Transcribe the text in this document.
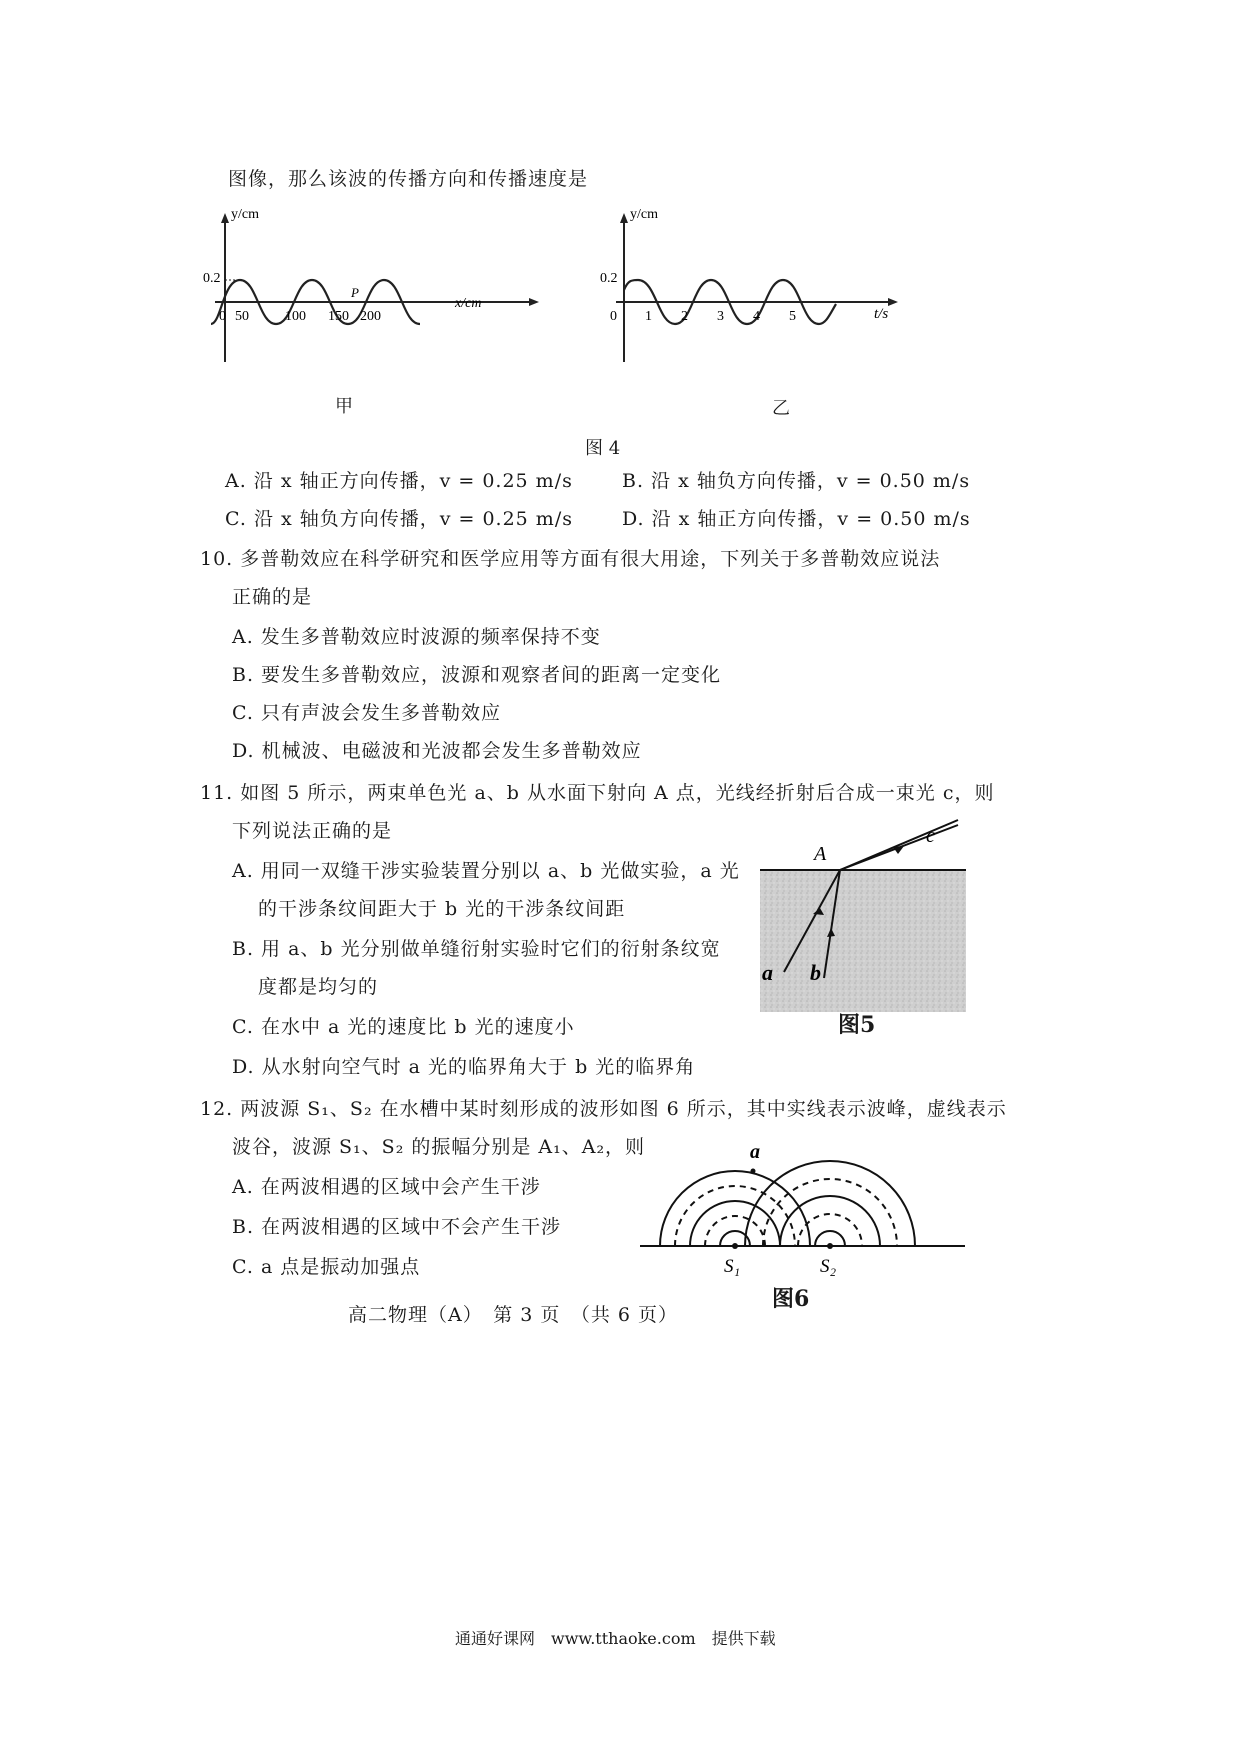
图像，那么该波的传播方向和传播速度是
y/cm
0.2
0 50	100 150 200
P
x/cm
甲
y/cm
0.2
0 1 2 3 4 5	t/s
乙
图 4
A. 沿 x 轴正方向传播，v = 0.25 m/s	B. 沿 x 轴负方向传播，v = 0.50 m/s
C. 沿 x 轴负方向传播，v = 0.25 m/s	D. 沿 x 轴正方向传播，v = 0.50 m/s
10. 多普勒效应在科学研究和医学应用等方面有很大用途，下列关于多普勒效应说法
正确的是
A. 发生多普勒效应时波源的频率保持不变
B. 要发生多普勒效应，波源和观察者间的距离一定变化
C. 只有声波会发生多普勒效应
D. 机械波、电磁波和光波都会发生多普勒效应
11. 如图 5 所示，两束单色光 a、b 从水面下射向 A 点，光线经折射后合成一束光 c，则
下列说法正确的是
A. 用同一双缝干涉实验装置分别以 a、b 光做实验，a 光
的干涉条纹间距大于 b 光的干涉条纹间距
B. 用 a、b 光分别做单缝衍射实验时它们的衍射条纹宽
度都是均匀的
C. 在水中 a 光的速度比 b 光的速度小
D. 从水射向空气时 a 光的临界角大于 b 光的临界角
A
c
a b
图5
12. 两波源 S₁、S₂ 在水槽中某时刻形成的波形如图 6 所示，其中实线表示波峰，虚线表示
波谷，波源 S₁、S₂ 的振幅分别是 A₁、A₂，则
A. 在两波相遇的区域中会产生干涉
B. 在两波相遇的区域中不会产生干涉
C. a 点是振动加强点
a
S₁	S₂
图6
高二物理（A）　第 3 页　（共 6 页）
通通好课网　www.tthaoke.com　提供下载
